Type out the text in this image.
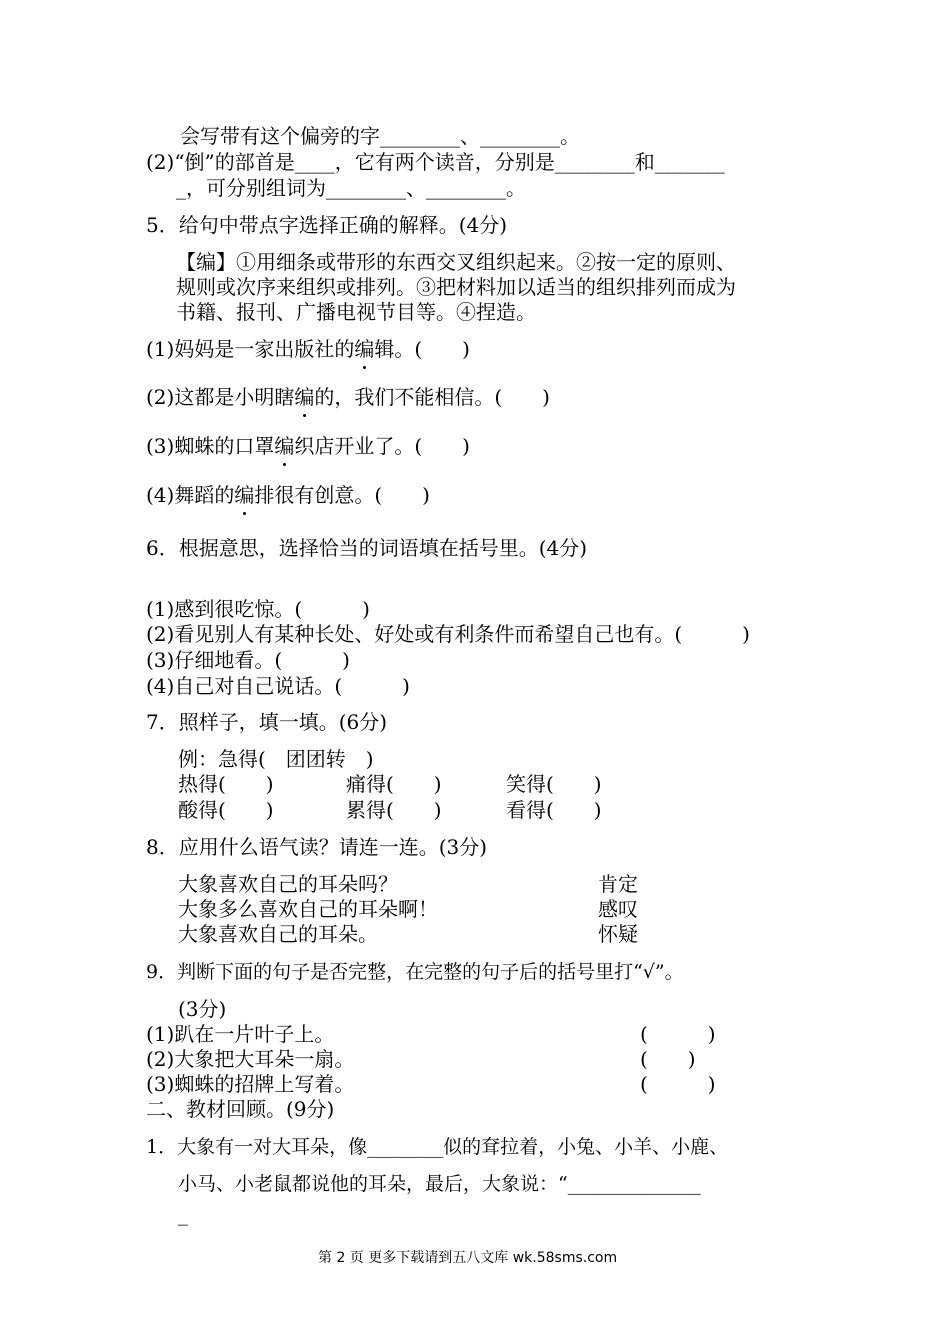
会写带有这个偏旁的字________、________。
(2)“倒”的部首是____，它有两个读音，分别是________和_______
_，可分别组词为________、________。
5．给句中带点字选择正确的解释。(4分)
【编】①用细条或带形的东西交叉组织起来。②按一定的原则、
规则或次序来组织或排列。③把材料加以适当的组织排列而成为
书籍、报刊、广播电视节目等。④捏造。
(1)妈妈是一家出版社的编辑。(　　)
(2)这都是小明瞎编的，我们不能相信。(　　)
(3)蜘蛛的口罩编织店开业了。(　　)
(4)舞蹈的编排很有创意。(　　)
6．根据意思，选择恰当的词语填在括号里。(4分)
(1)感到很吃惊。(　　　)
(2)看见别人有某种长处、好处或有利条件而希望自己也有。(　　　)
(3)仔细地看。(　　　)
(4)自己对自己说话。(　　　)
7．照样子，填一填。(6分)
例：急得(　团团转　)
热得(　　)	痛得(　　)	笑得(　　)
酸得(　　)	累得(　　)	看得(　　)
8．应用什么语气读？请连一连。(3分)
大象喜欢自己的耳朵吗？
大象多么喜欢自己的耳朵啊！
大象喜欢自己的耳朵。
肯定
感叹
怀疑
9．判断下面的句子是否完整，在完整的句子后的括号里打“√”。
(3分)
(1)趴在一片叶子上。	(　　　)
(2)大象把大耳朵一扇。	(　　)
(3)蜘蛛的招牌上写着。	(　　　)
二、教材回顾。(9分)
1．大象有一对大耳朵，像________似的耷拉着，小兔、小羊、小鹿、
小马、小老鼠都说他的耳朵，最后，大象说：“______________
_
第 2 页 更多下载请到五八文库 wk.58sms.com
